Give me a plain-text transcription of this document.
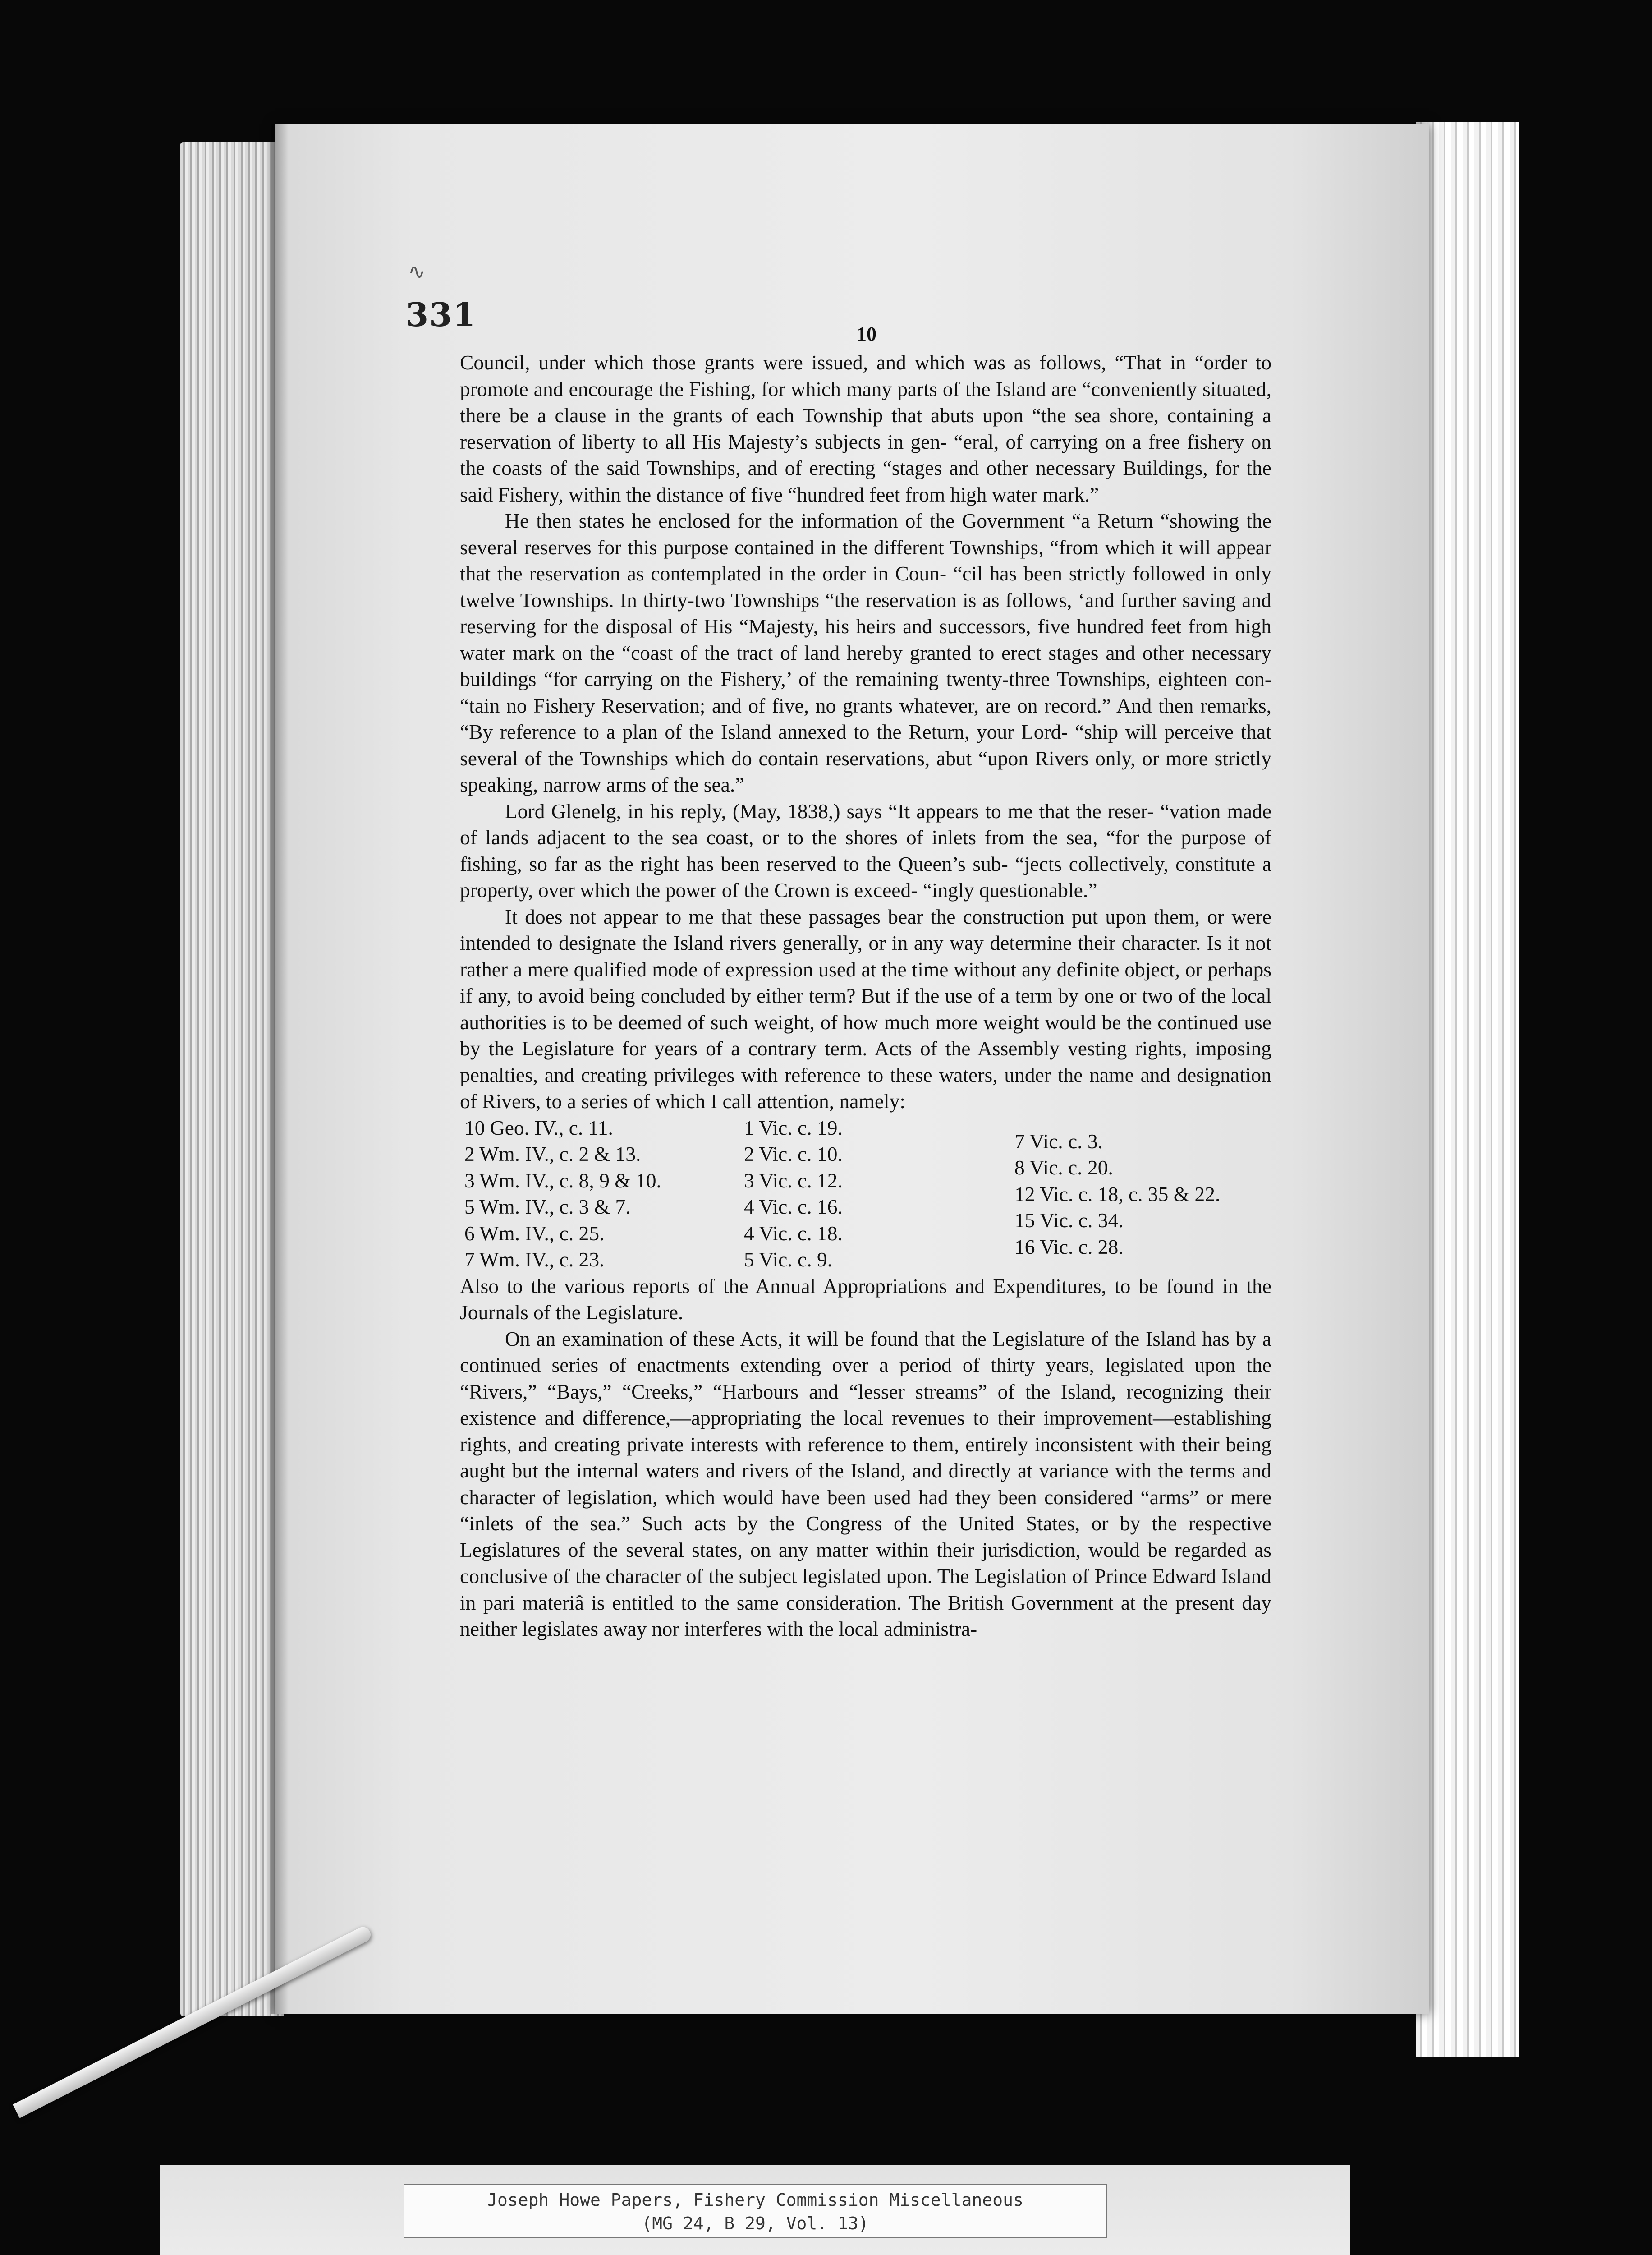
∿
331
10

Council, under which those grants were issued, and which was as follows, “That in “order to promote and encourage the Fishing, for which many parts of the Island are “conveniently situated, there be a clause in the grants of each Township that abuts upon “the sea shore, containing a reservation of liberty to all His Majesty’s subjects in gen- “eral, of carrying on a free fishery on the coasts of the said Townships, and of erecting “stages and other necessary Buildings, for the said Fishery, within the distance of five “hundred feet from high water mark.”

He then states he enclosed for the information of the Government “a Return “showing the several reserves for this purpose contained in the different Townships, “from which it will appear that the reservation as contemplated in the order in Coun- “cil has been strictly followed in only twelve Townships. In thirty-two Townships “the reservation is as follows, ‘and further saving and reserving for the disposal of His “Majesty, his heirs and successors, five hundred feet from high water mark on the “coast of the tract of land hereby granted to erect stages and other necessary buildings “for carrying on the Fishery,’ of the remaining twenty-three Townships, eighteen con- “tain no Fishery Reservation; and of five, no grants whatever, are on record.” And then remarks, “By reference to a plan of the Island annexed to the Return, your Lord- “ship will perceive that several of the Townships which do contain reservations, abut “upon Rivers only, or more strictly speaking, narrow arms of the sea.”

Lord Glenelg, in his reply, (May, 1838,) says “It appears to me that the reser- “vation made of lands adjacent to the sea coast, or to the shores of inlets from the sea, “for the purpose of fishing, so far as the right has been reserved to the Queen’s sub- “jects collectively, constitute a property, over which the power of the Crown is exceed- “ingly questionable.”

It does not appear to me that these passages bear the construction put upon them, or were intended to designate the Island rivers generally, or in any way determine their character. Is it not rather a mere qualified mode of expression used at the time without any definite object, or perhaps if any, to avoid being concluded by either term? But if the use of a term by one or two of the local authorities is to be deemed of such weight, of how much more weight would be the continued use by the Legislature for years of a contrary term. Acts of the Assembly vesting rights, imposing penalties, and creating privileges with reference to these waters, under the name and designation of Rivers, to a series of which I call attention, namely:

10 Geo. IV., c. 11.
2 Wm. IV., c. 2 & 13.
3 Wm. IV., c. 8, 9 & 10.
5 Wm. IV., c. 3 & 7.
6 Wm. IV., c. 25.
7 Wm. IV., c. 23.
1 Vic. c. 19.
2 Vic. c. 10.
3 Vic. c. 12.
4 Vic. c. 16.
4 Vic. c. 18.
5 Vic. c. 9.
7 Vic. c. 3.
8 Vic. c. 20.
12 Vic. c. 18, c. 35 & 22.
15 Vic. c. 34.
16 Vic. c. 28.

Also to the various reports of the Annual Appropriations and Expenditures, to be found in the Journals of the Legislature.

On an examination of these Acts, it will be found that the Legislature of the Island has by a continued series of enactments extending over a period of thirty years, legislated upon the “Rivers,” “Bays,” “Creeks,” “Harbours and “lesser streams” of the Island, recognizing their existence and difference,—appropriating the local revenues to their improvement—establishing rights, and creating private interests with reference to them, entirely inconsistent with their being aught but the internal waters and rivers of the Island, and directly at variance with the terms and character of legislation, which would have been used had they been considered “arms” or mere “inlets of the sea.” Such acts by the Congress of the United States, or by the respective Legislatures of the several states, on any matter within their jurisdiction, would be regarded as conclusive of the character of the subject legislated upon. The Legislation of Prince Edward Island in pari materiâ is entitled to the same consideration. The British Government at the present day neither legislates away nor interferes with the local administra-

Joseph Howe Papers, Fishery Commission Miscellaneous
(MG 24, B 29, Vol. 13)
